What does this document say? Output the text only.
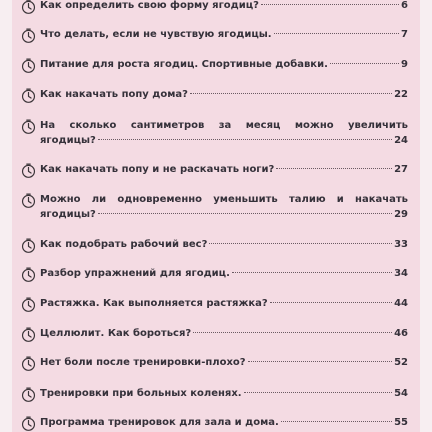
Как определить свою форму ягодиц?	6
Что делать, если не чувствую ягодицы.	7
Питание для роста ягодиц. Спортивные добавки.	9
Как накачать попу дома?	22
На сколько сантиметров за месяц можно увеличить
ягодицы?	24
Как накачать попу и не раскачать ноги?	27
Можно ли одновременно уменьшить талию и накачать
ягодицы?	29
Как подобрать рабочий вес?	33
Разбор упражнений для ягодиц.	34
Растяжка. Как выполняется растяжка?	44
Целлюлит. Как бороться?	46
Нет боли после тренировки-плохо?	52
Тренировки при больных коленях.	54
Программа тренировок для зала и дома.	55
